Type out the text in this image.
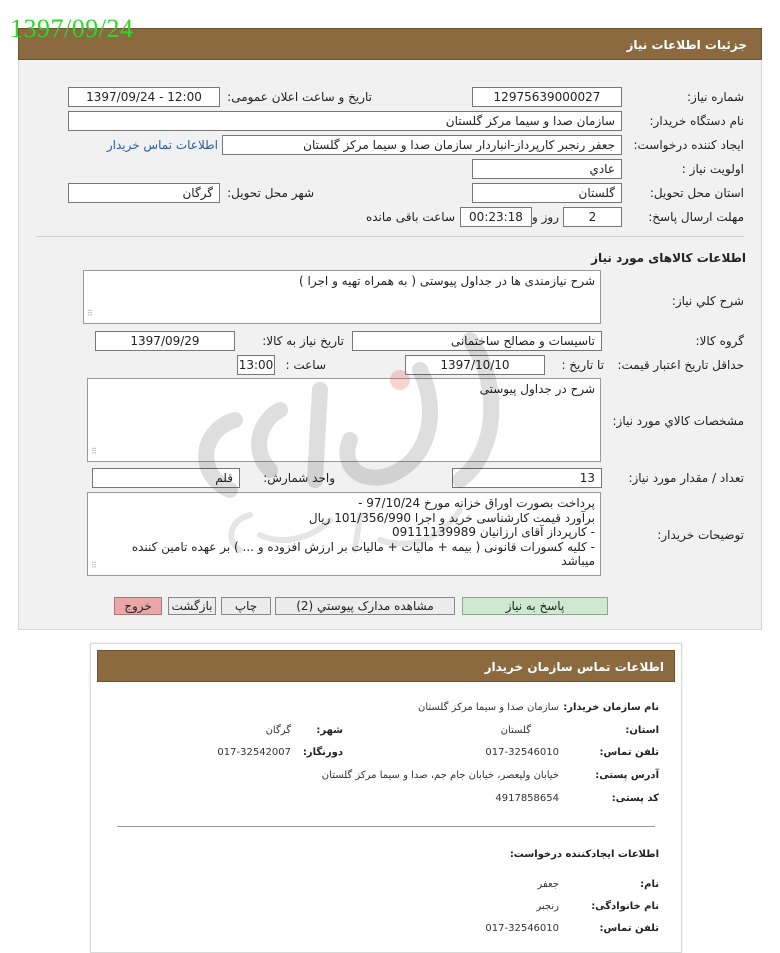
1397/09/24
جزئیات اطلاعات نیاز
شماره نیاز:
12975639000027
تاریخ و ساعت اعلان عمومی:
1397/09/24 - 12:00
نام دستگاه خریدار:
سازمان صدا و سیما مرکز گلستان
ایجاد کننده درخواست:
جعفر رنجبر کارپرداز-انباردار سازمان صدا و سیما مرکز گلستان
اطلاعات تماس خریدار
اولویت نیاز :
عادي
استان محل تحویل:
گلستان
شهر محل تحویل:
گرگان
مهلت ارسال پاسخ:
2
روز و
00:23:18
ساعت باقی مانده
اطلاعات کالاهای مورد نیاز
شرح کلي نیاز:
شرح نیازمندی ها در جداول پیوستی ( به همراه تهیه و اجرا )
⠿
گروه کالا:
تاسیسات و مصالح ساختمانی
تاریخ نیاز به کالا:
1397/09/29
حداقل تاریخ اعتبار قیمت:
تا تاریخ :
1397/10/10
ساعت :
13:00
مشخصات کالاي مورد نیاز:
شرح در جداول پیوستی
⠿
تعداد / مقدار مورد نیاز:
13
واحد شمارش:
قلم
توضیحات خریدار:
پرداخت بصورت اوراق خزانه مورخ 97/10/24 -
برآورد قیمت کارشناسی خرید و اجرا 101/356/990 ریال
- کارپرداز آقای ارزانیان 09111139989
- کلیه کسورات قانونی ( بیمه + مالیات + مالیات بر ارزش افزوده و ... ) بر عهده تامین کننده
میباشد
⠿
پاسخ به نیاز
مشاهده مدارک پیوستي (2)
چاپ
بازگشت
خروج
اطلاعات تماس سازمان خریدار
نام سازمان خریدار:
سازمان صدا و سیما مرکز گلستان
استان:
گلستان
شهر:
گرگان
تلفن تماس:
017-32546010
دورنگار:
017-32542007
آدرس پستی:
خیابان ولیعصر، خیابان جام جم، صدا و سیما مرکز گلستان
کد پستی:
4917858654
اطلاعات ایجادکننده درخواست:
نام:
جعفر
نام خانوادگی:
رنجبر
تلفن تماس:
017-32546010
